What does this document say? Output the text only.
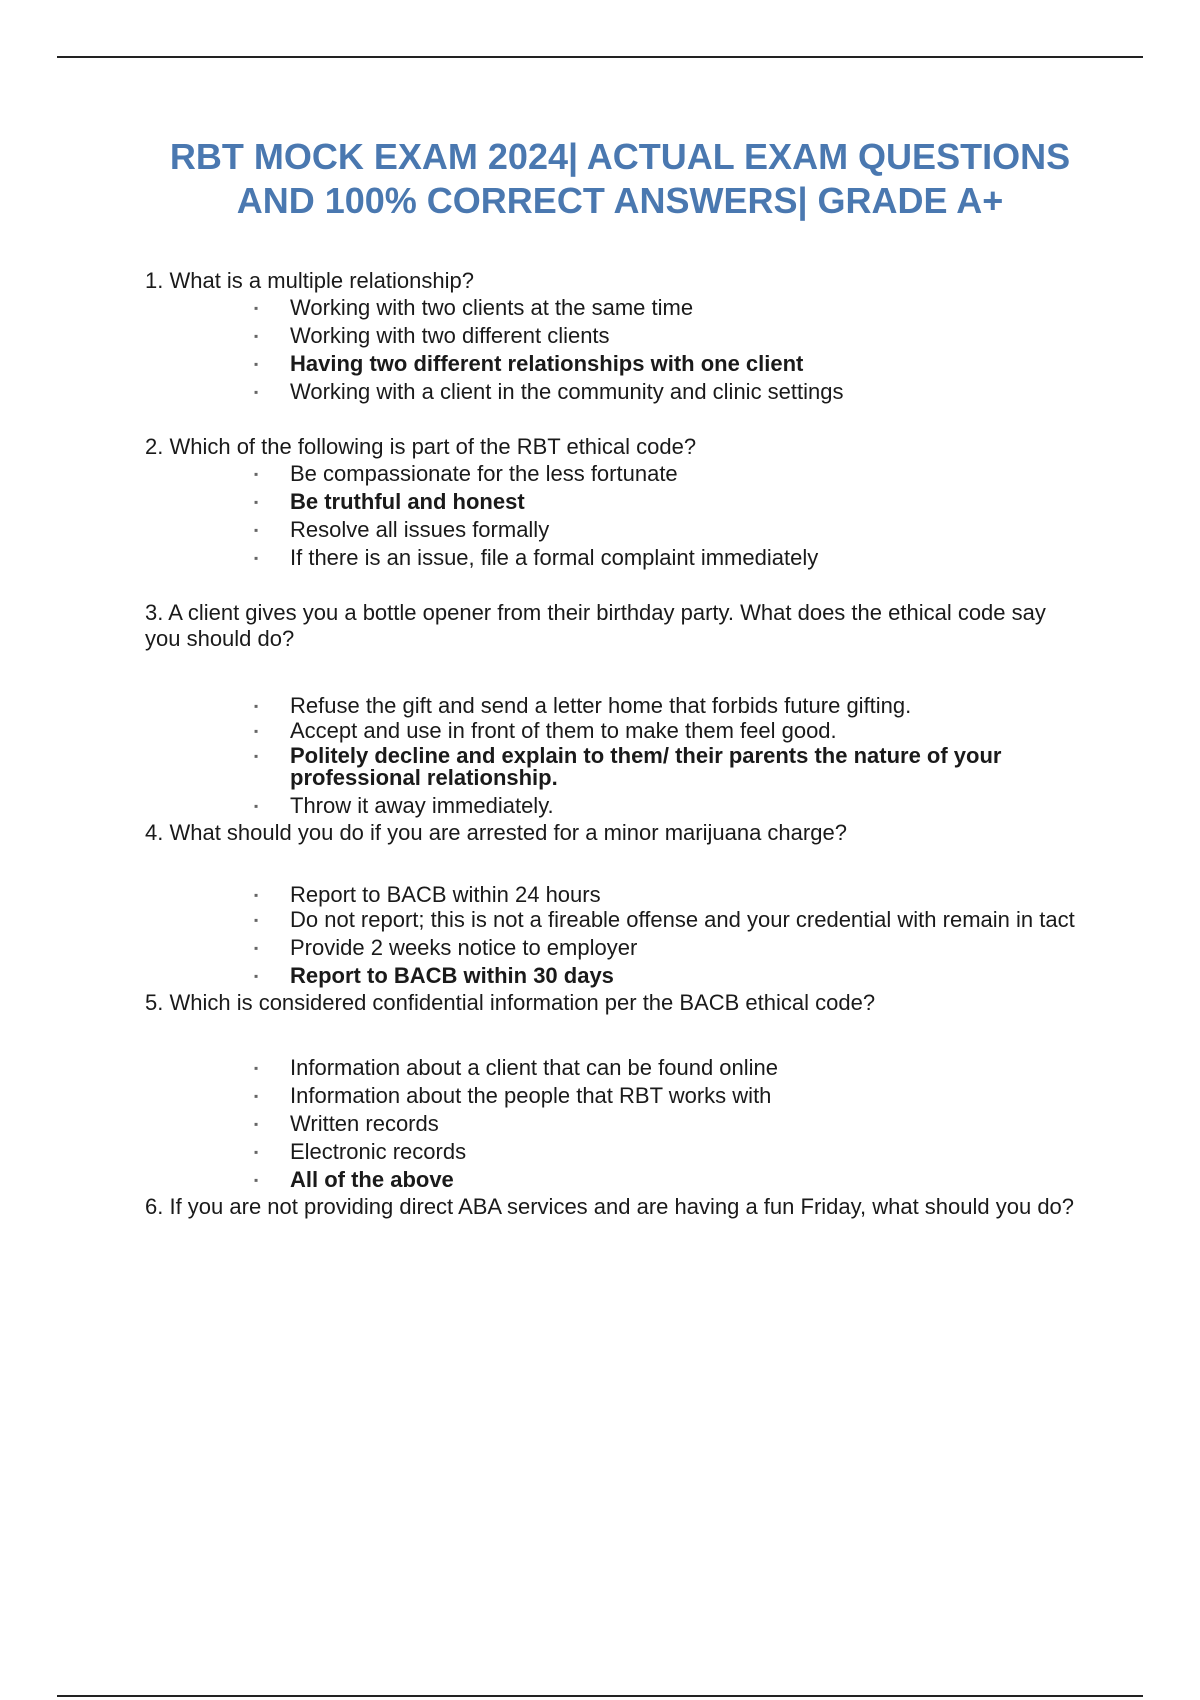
RBT MOCK EXAM 2024| ACTUAL EXAM QUESTIONS
AND 100% CORRECT ANSWERS| GRADE A+

1. What is a multiple relationship?

▪ Working with two clients at the same time
▪ Working with two different clients
▪ Having two different relationships with one client
▪ Working with a client in the community and clinic settings

2. Which of the following is part of the RBT ethical code?

▪ Be compassionate for the less fortunate
▪ Be truthful and honest
▪ Resolve all issues formally
▪ If there is an issue, file a formal complaint immediately

3. A client gives you a bottle opener from their birthday party. What does the ethical code say you should do?

▪ Refuse the gift and send a letter home that forbids future gifting.
▪ Accept and use in front of them to make them feel good.
▪ Politely decline and explain to them/ their parents the nature of your professional relationship.
▪ Throw it away immediately.

4. What should you do if you are arrested for a minor marijuana charge?

▪ Report to BACB within 24 hours
▪ Do not report; this is not a fireable offense and your credential with remain in tact
▪ Provide 2 weeks notice to employer
▪ Report to BACB within 30 days

5. Which is considered confidential information per the BACB ethical code?

▪ Information about a client that can be found online
▪ Information about the people that RBT works with
▪ Written records
▪ Electronic records
▪ All of the above

6. If you are not providing direct ABA services and are having a fun Friday, what should you do?
